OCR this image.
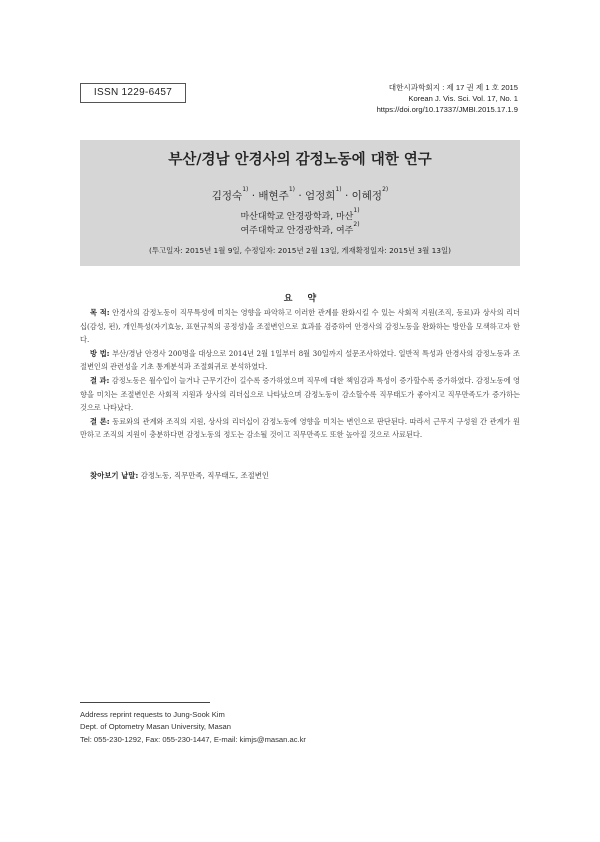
ISSN 1229-6457	대한시과학회지 : 제 17 권 제 1 호 2015
Korean J. Vis. Sci. Vol. 17, No. 1
https://doi.org/10.17337/JMBI.2015.17.1.9
부산/경남 안경사의 감정노동에 대한 연구
김정숙$^{1)}$ · 배현주$^{1)}$ · 엄정희$^{1)}$ · 이혜정$^{2)}$
마산대학교 안경광학과, 마산$^{1)}$
여주대학교 안경광학과, 여주$^{2)}$
(투고일자: 2015년 1월 9일, 수정일자: 2015년 2월 13일, 게재확정일자: 2015년 3월 13일)
요 약

목 적: 안경사의 감정노동이 직무특성에 미치는 영향을 파악하고 이러한 관계를 완화시킬 수 있는 사회적 지원(조직, 동료)과 상사의 리더십(감성, 펀), 개인특성(자기효능, 표현규칙의 공정성)을 조절변인으로 효과를 검증하여 안경사의 감정노동을 완화하는 방안을 모색하고자 한다.

방 법: 부산/경남 안경사 200명을 대상으로 2014년 2월 1일부터 8월 30일까지 설문조사하였다. 일반적 특성과 안경사의 감정노동과 조절변인의 관련성을 기초 통계분석과 조절회귀로 분석하였다.

결 과: 감정노동은 월수입이 늘거나 근무기간이 길수록 증가하였으며 직무에 대한 책임감과 특성이 증가할수록 증가하였다. 감정노동에 영향을 미치는 조절변인은 사회적 지원과 상사의 리더십으로 나타났으며 감정노동이 감소할수록 직무태도가 좋아지고 직무만족도가 증가하는 것으로 나타났다.

결 론: 동료와의 관계와 조직의 지원, 상사의 리더십이 감정노동에 영향을 미치는 변인으로 판단된다. 따라서 근무지 구성원 간 관계가 원만하고 조직의 지원이 충분하다면 감정노동의 정도는 감소될 것이고 직무만족도 또한 높아질 것으로 사료된다.

찾아보기 낱말: 감정노동, 직무만족, 직무태도, 조절변인
Address reprint requests to Jung-Sook Kim
Dept. of Optometry Masan University, Masan
Tel: 055-230-1292, Fax: 055-230-1447, E-mail: kimjs@masan.ac.kr
